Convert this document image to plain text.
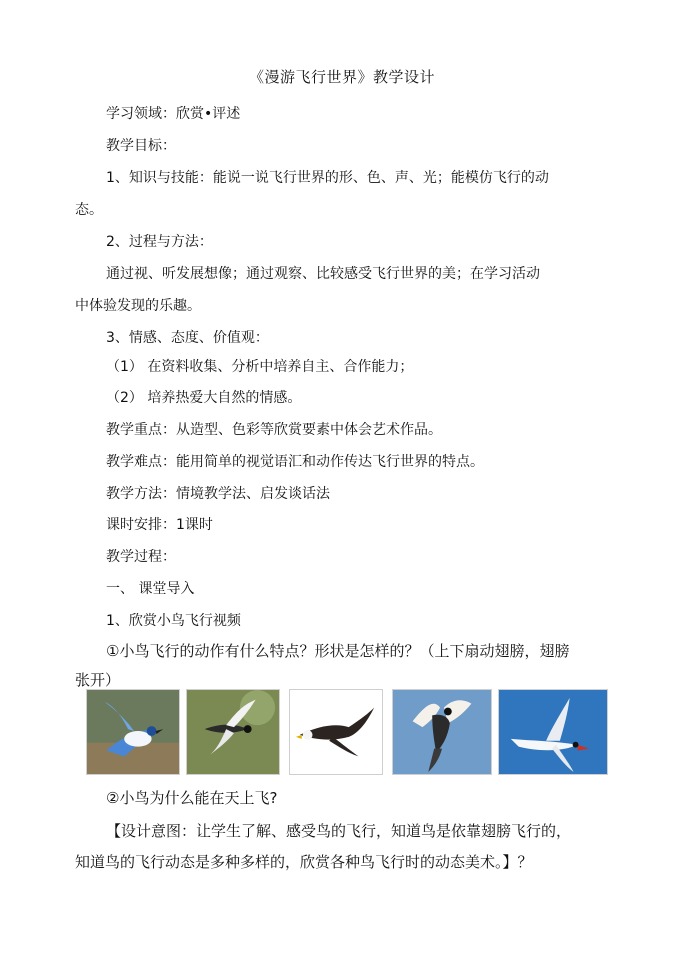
《漫游飞行世界》教学设计
学习领域：欣赏•评述
教学目标：
1、知识与技能：能说一说飞行世界的形、色、声、光；能模仿飞行的动
态。
2、过程与方法：
通过视、听发展想像；通过观察、比较感受飞行世界的美；在学习活动
中体验发现的乐趣。
3、情感、态度、价值观：
（1） 在资料收集、分析中培养自主、合作能力；
（2） 培养热爱大自然的情感。
教学重点：从造型、色彩等欣赏要素中体会艺术作品。
教学难点：能用简单的视觉语汇和动作传达飞行世界的特点。
教学方法：情境教学法、启发谈话法
课时安排：1课时
教学过程：
一、 课堂导入
1、欣赏小鸟飞行视频
①小鸟飞行的动作有什么特点？形状是怎样的？（上下扇动翅膀，翅膀
张开）
②小鸟为什么能在天上飞?
【设计意图：让学生了解、感受鸟的飞行，知道鸟是依靠翅膀飞行的，
知道鸟的飞行动态是多种多样的，欣赏各种鸟飞行时的动态美术。】？
